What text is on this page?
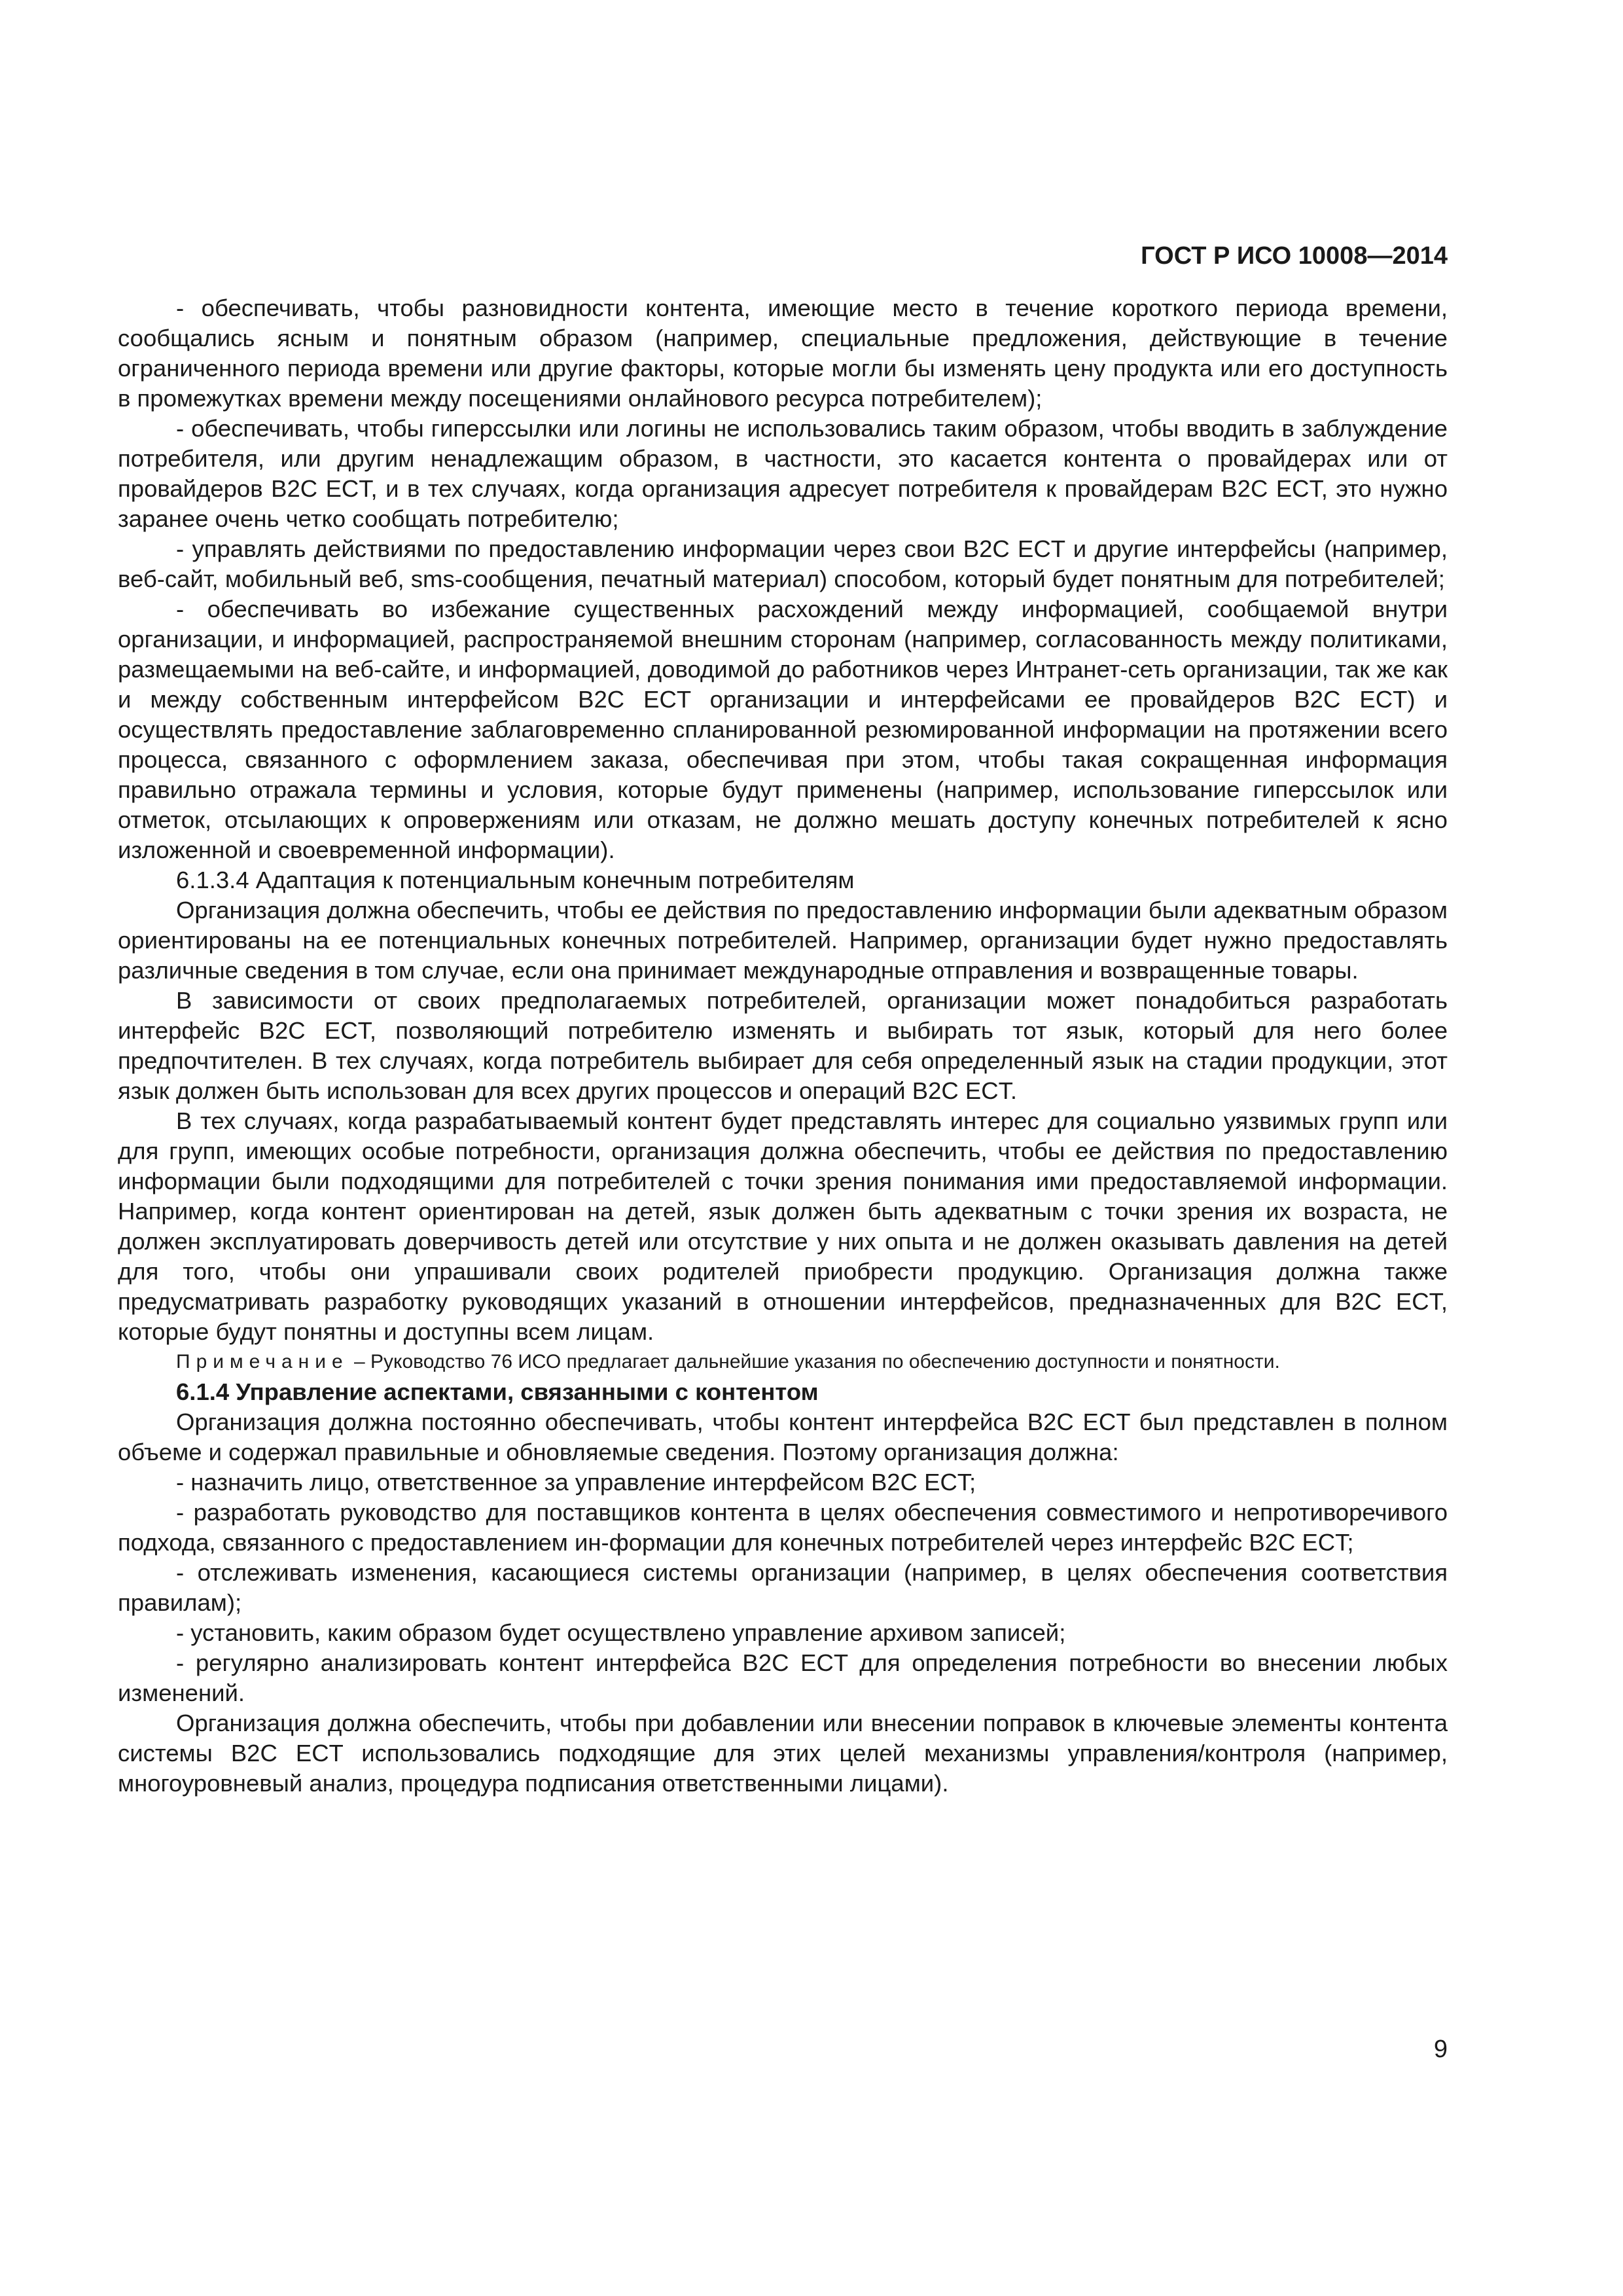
ГОСТ Р ИСО 10008—2014

- обеспечивать, чтобы разновидности контента, имеющие место в течение короткого периода времени, сообщались ясным и понятным образом (например, специальные предложения, действующие в течение ограниченного периода времени или другие факторы, которые могли бы изменять цену продукта или его доступность в промежутках времени между посещениями онлайнового ресурса потребителем);

- обеспечивать, чтобы гиперссылки или логины не использовались таким образом, чтобы вводить в заблуждение потребителя, или другим ненадлежащим образом, в частности, это касается контента о провайдерах или от провайдеров B2C ECT, и в тех случаях, когда организация адресует потребителя к провайдерам B2C ECT, это нужно заранее очень четко сообщать потребителю;

- управлять действиями по предоставлению информации через свои B2C ECT и другие интерфейсы (например, веб-сайт, мобильный веб, sms-сообщения, печатный материал) способом, который будет понятным для потребителей;

- обеспечивать во избежание существенных расхождений между информацией, сообщаемой внутри организации, и информацией, распространяемой внешним сторонам (например, согласованность между политиками, размещаемыми на веб-сайте, и информацией, доводимой до работников через Интранет-сеть организации, так же как и между собственным интерфейсом B2C ECT организации и интерфейсами ее провайдеров B2C ECT) и осуществлять предоставление заблаговременно спланированной резюмированной информации на протяжении всего процесса, связанного с оформлением заказа, обеспечивая при этом, чтобы такая сокращенная информация правильно отражала термины и условия, которые будут применены (например, использование гиперссылок или отметок, отсылающих к опровержениям или отказам, не должно мешать доступу конечных потребителей к ясно изложенной и своевременной информации).

6.1.3.4 Адаптация к потенциальным конечным потребителям

Организация должна обеспечить, чтобы ее действия по предоставлению информации были адекватным образом ориентированы на ее потенциальных конечных потребителей. Например, организации будет нужно предоставлять различные сведения в том случае, если она принимает международные отправления и возвращенные товары.

В зависимости от своих предполагаемых потребителей, организации может понадобиться разработать интерфейс B2C ECT, позволяющий потребителю изменять и выбирать тот язык, который для него более предпочтителен. В тех случаях, когда потребитель выбирает для себя определенный язык на стадии продукции, этот язык должен быть использован для всех других процессов и операций B2C ECT.

В тех случаях, когда разрабатываемый контент будет представлять интерес для социально уязвимых групп или для групп, имеющих особые потребности, организация должна обеспечить, чтобы ее действия по предоставлению информации были подходящими для потребителей с точки зрения понимания ими предоставляемой информации. Например, когда контент ориентирован на детей, язык должен быть адекватным с точки зрения их возраста, не должен эксплуатировать доверчивость детей или отсутствие у них опыта и не должен оказывать давления на детей для того, чтобы они упрашивали своих родителей приобрести продукцию. Организация должна также предусматривать разработку руководящих указаний в отношении интерфейсов, предназначенных для B2C ECT, которые будут понятны и доступны всем лицам.

Примечание – Руководство 76 ИСО предлагает дальнейшие указания по обеспечению доступности и понятности.

6.1.4 Управление аспектами, связанными с контентом

Организация должна постоянно обеспечивать, чтобы контент интерфейса B2C ECT был представлен в полном объеме и содержал правильные и обновляемые сведения. Поэтому организация должна:

- назначить лицо, ответственное за управление интерфейсом B2C ECT;

- разработать руководство для поставщиков контента в целях обеспечения совместимого и непротиворечивого подхода, связанного с предоставлением ин-формации для конечных потребителей через интерфейс B2C ECT;

- отслеживать изменения, касающиеся системы организации (например, в целях обеспечения соответствия правилам);

- установить, каким образом будет осуществлено управление архивом записей;

- регулярно анализировать контент интерфейса B2C ECT для определения потребности во внесении любых изменений.

Организация должна обеспечить, чтобы при добавлении или внесении поправок в ключевые элементы контента системы B2C ECT использовались подходящие для этих целей механизмы управления/контроля (например, многоуровневый анализ, процедура подписания ответственными лицами).

9
